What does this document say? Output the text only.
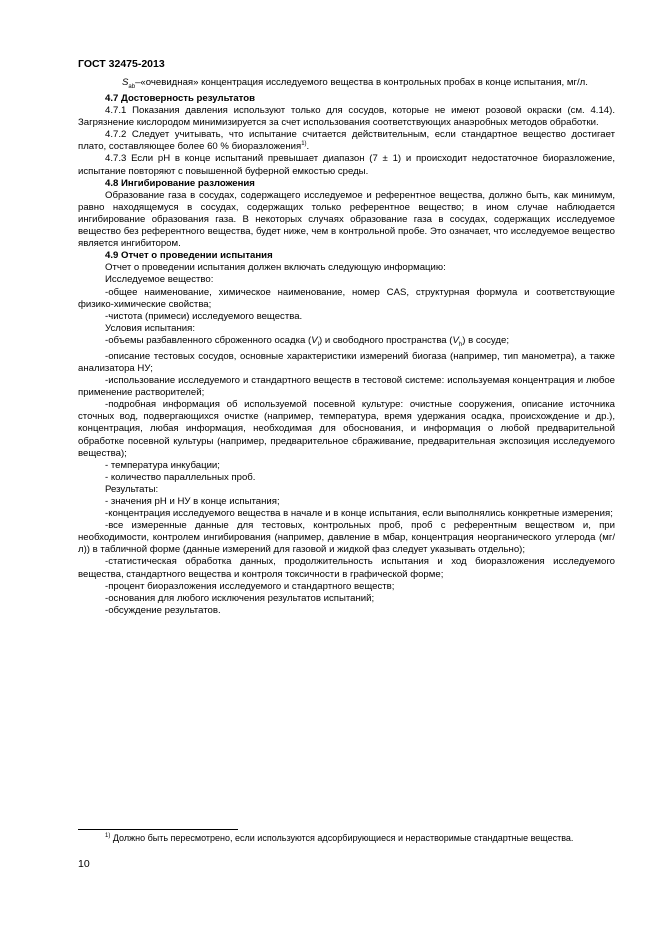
ГОСТ 32475-2013

$S_{ab}-«очевидная$» концентрация исследуемого вещества в контрольных пробах в конце испытания, мг/л.

4.7 Достоверность результатов

4.7.1 Показания давления используют только для сосудов, которые не имеют розовой окраски (см. 4.14). Загрязнение кислородом минимизируется за счет использования соответствующих анаэробных методов обработки.

4.7.2 Следует учитывать, что испытание считается действительным, если стандартное вещество достигает плато, составляющее более 60 % биоразложения$^{1)}$.

4.7.3 Если pH в конце испытаний превышает диапазон (7 ± 1) и происходит недостаточное биоразложение, испытание повторяют с повышенной буферной емкостью среды.

4.8 Ингибирование разложения

Образование газа в сосудах, содержащего исследуемое и референтное вещества, должно быть, как минимум, равно находящемуся в сосудах, содержащих только референтное вещество; в ином случае наблюдается ингибирование образования газа. В некоторых случаях образование газа в сосудах, содержащих исследуемое вещество без референтного вещества, будет ниже, чем в контрольной пробе. Это означает, что исследуемое вещество является ингибитором.

4.9 Отчет о проведении испытания

Отчет о проведении испытания должен включать следующую информацию:

Исследуемое вещество:

-общее наименование, химическое наименование, номер CAS, структурная формула и соответствующие физико-химические свойства;

-чистота (примеси) исследуемого вещества.

Условия испытания:

-объемы разбавленного сброженного осадка $(V_l)$ и свободного пространства $(V_h)$ в сосуде;

-описание тестовых сосудов, основные характеристики измерений биогаза (например, тип манометра), а также анализатора НУ;

-использование исследуемого и стандартного веществ в тестовой системе: используемая концентрация и любое применение растворителей;

-подробная информация об используемой посевной культуре: очистные сооружения, описание источника сточных вод, подвергающихся очистке (например, температура, время удержания осадка, происхождение и др.), концентрация, любая информация, необходимая для обоснования, и информация о любой предварительной обработке посевной культуры (например, предварительное сбраживание, предварительная экспозиция исследуемого вещества);

- температура инкубации;

- количество параллельных проб.

Результаты:

- значения pH и НУ в конце испытания;

-концентрация исследуемого вещества в начале и в конце испытания, если выполнялись конкретные измерения;

-все измеренные данные для тестовых, контрольных проб, проб с референтным веществом и, при необходимости, контролем ингибирования (например, давление в мбар, концентрация неорганического углерода (мг/л)) в табличной форме (данные измерений для газовой и жидкой фаз следует указывать отдельно);

-статистическая обработка данных, продолжительность испытания и ход биоразложения исследуемого вещества, стандартного вещества и контроля токсичности в графической форме;

-процент биоразложения исследуемого и стандартного веществ;

-основания для любого исключения результатов испытаний;

-обсуждение результатов.

$^{1)}$ Должно быть пересмотрено, если используются адсорбирующиеся и нерастворимые стандартные вещества.

10
